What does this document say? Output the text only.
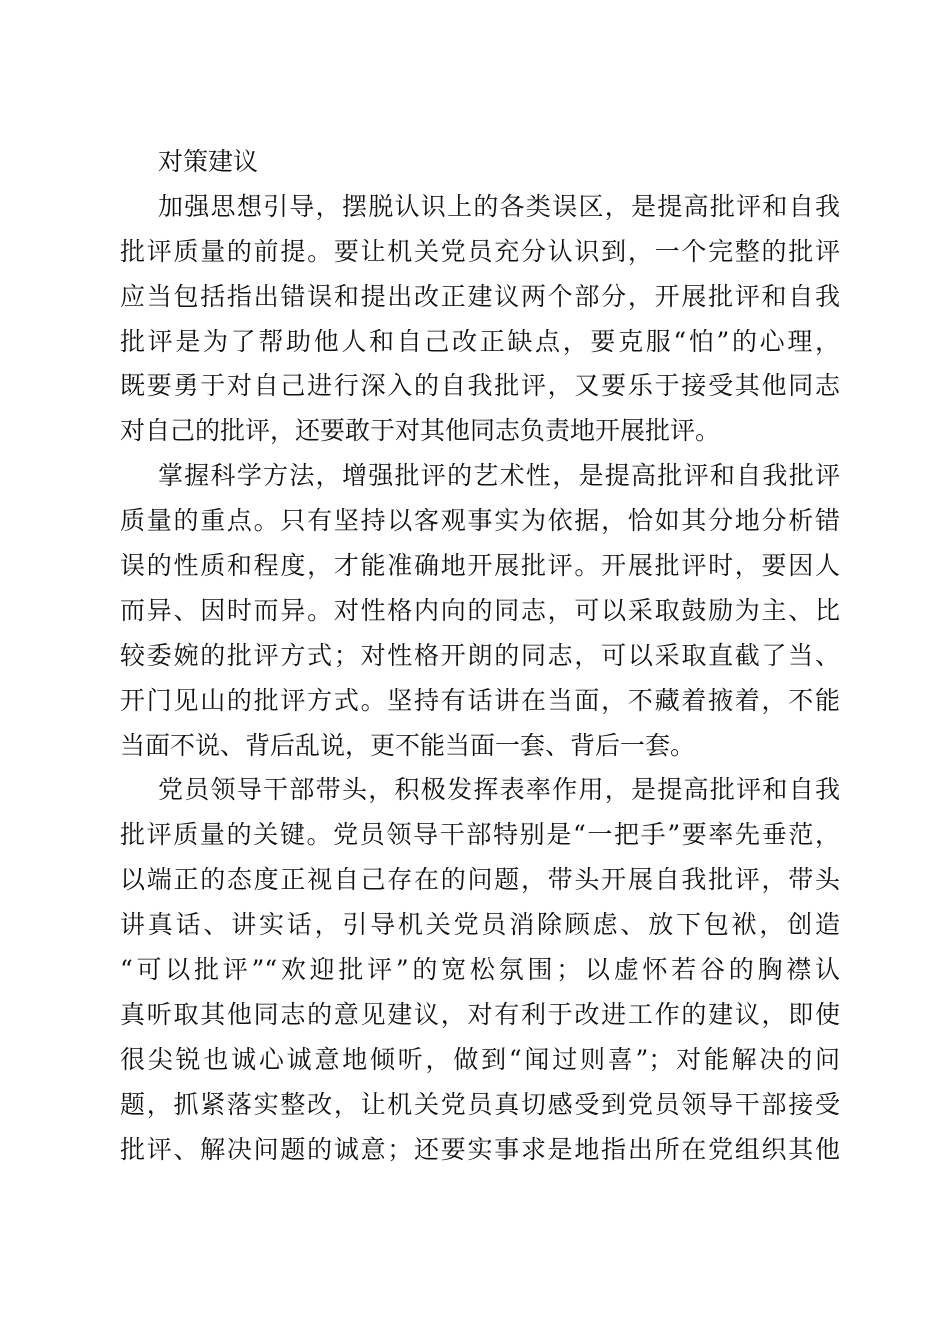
对策建议
加强思想引导，摆脱认识上的各类误区，是提高批评和自我
批评质量的前提。要让机关党员充分认识到，一个完整的批评
应当包括指出错误和提出改正建议两个部分，开展批评和自我
批评是为了帮助他人和自己改正缺点，要克服“怕”的心理，
既要勇于对自己进行深入的自我批评，又要乐于接受其他同志
对自己的批评，还要敢于对其他同志负责地开展批评。
掌握科学方法，增强批评的艺术性，是提高批评和自我批评
质量的重点。只有坚持以客观事实为依据，恰如其分地分析错
误的性质和程度，才能准确地开展批评。开展批评时，要因人
而异、因时而异。对性格内向的同志，可以采取鼓励为主、比
较委婉的批评方式；对性格开朗的同志，可以采取直截了当、
开门见山的批评方式。坚持有话讲在当面，不藏着掖着，不能
当面不说、背后乱说，更不能当面一套、背后一套。
党员领导干部带头，积极发挥表率作用，是提高批评和自我
批评质量的关键。党员领导干部特别是“一把手”要率先垂范，
以端正的态度正视自己存在的问题，带头开展自我批评，带头
讲真话、讲实话，引导机关党员消除顾虑、放下包袱，创造
“可以批评”“欢迎批评”的宽松氛围；以虚怀若谷的胸襟认
真听取其他同志的意见建议，对有利于改进工作的建议，即使
很尖锐也诚心诚意地倾听，做到“闻过则喜”；对能解决的问
题，抓紧落实整改，让机关党员真切感受到党员领导干部接受
批评、解决问题的诚意；还要实事求是地指出所在党组织其他
